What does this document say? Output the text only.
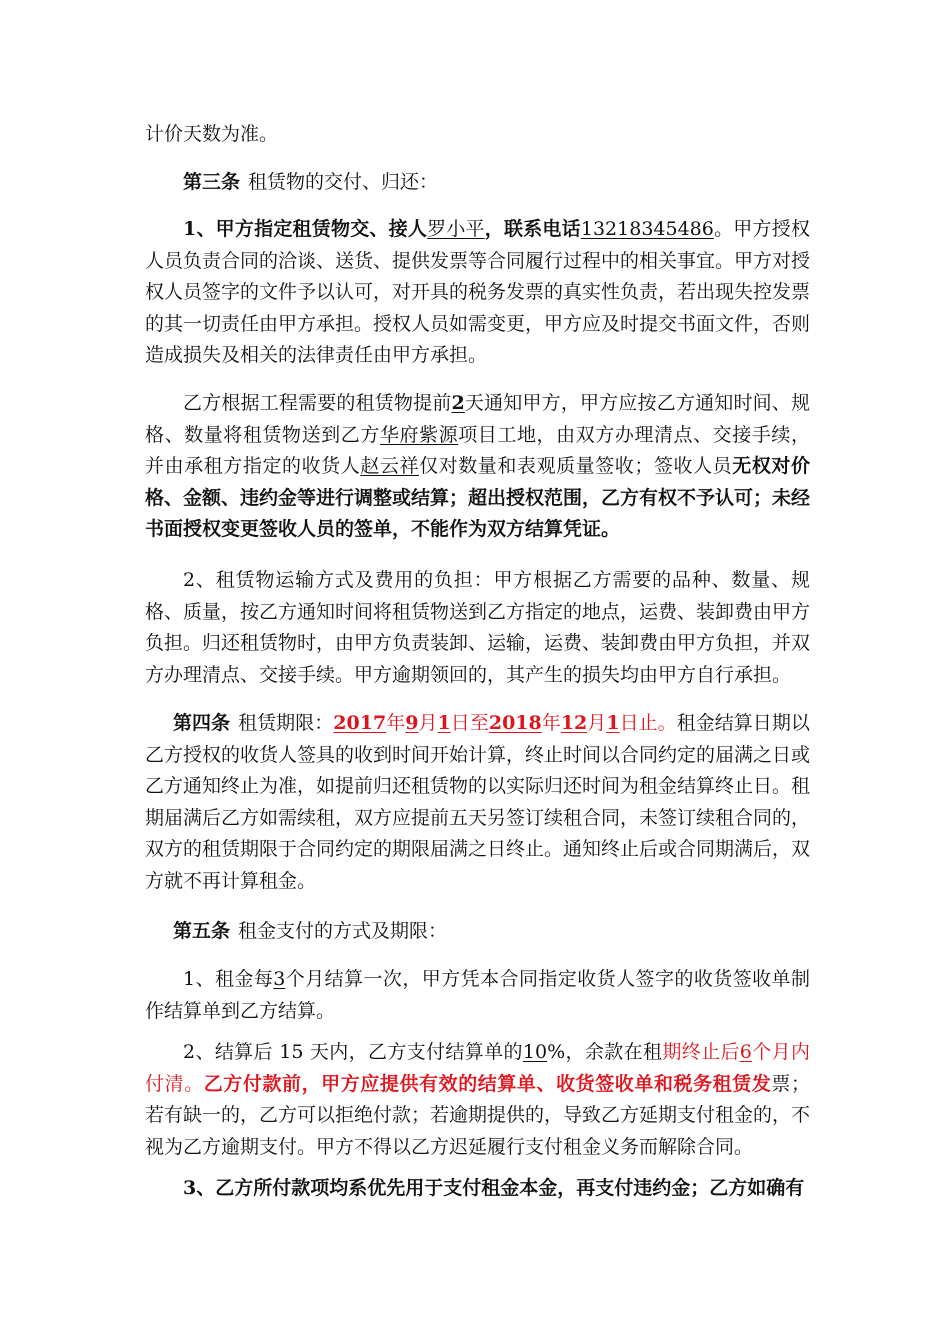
计价天数为准。

第三条 租赁物的交付、归还：

1、甲方指定租赁物交、接人罗小平，联系电话13218345486。甲方授权人员负责合同的洽谈、送货、提供发票等合同履行过程中的相关事宜。甲方对授权人员签字的文件予以认可，对开具的税务发票的真实性负责，若出现失控发票的其一切责任由甲方承担。授权人员如需变更，甲方应及时提交书面文件，否则造成损失及相关的法律责任由甲方承担。

乙方根据工程需要的租赁物提前2天通知甲方，甲方应按乙方通知时间、规格、数量将租赁物送到乙方华府紫源项目工地，由双方办理清点、交接手续，并由承租方指定的收货人赵云祥仅对数量和表观质量签收；签收人员无权对价格、金额、违约金等进行调整或结算；超出授权范围，乙方有权不予认可；未经书面授权变更签收人员的签单，不能作为双方结算凭证。

2、租赁物运输方式及费用的负担：甲方根据乙方需要的品种、数量、规格、质量，按乙方通知时间将租赁物送到乙方指定的地点，运费、装卸费由甲方负担。归还租赁物时，由甲方负责装卸、运输，运费、装卸费由甲方负担，并双方办理清点、交接手续。甲方逾期领回的，其产生的损失均由甲方自行承担。

第四条 租赁期限：2017年9月1日至2018年12月1日止。租金结算日期以乙方授权的收货人签具的收到时间开始计算，终止时间以合同约定的届满之日或乙方通知终止为准，如提前归还租赁物的以实际归还时间为租金结算终止日。租期届满后乙方如需续租，双方应提前五天另签订续租合同，未签订续租合同的，双方的租赁期限于合同约定的期限届满之日终止。通知终止后或合同期满后，双方就不再计算租金。

第五条 租金支付的方式及期限：

1、租金每3个月结算一次，甲方凭本合同指定收货人签字的收货签收单制作结算单到乙方结算。

2、结算后 15 天内，乙方支付结算单的10%，余款在租期终止后6个月内付清。乙方付款前，甲方应提供有效的结算单、收货签收单和税务租赁发票；若有缺一的，乙方可以拒绝付款；若逾期提供的，导致乙方延期支付租金的，不视为乙方逾期支付。甲方不得以乙方迟延履行支付租金义务而解除合同。

3、乙方所付款项均系优先用于支付租金本金，再支付违约金；乙方如确有
